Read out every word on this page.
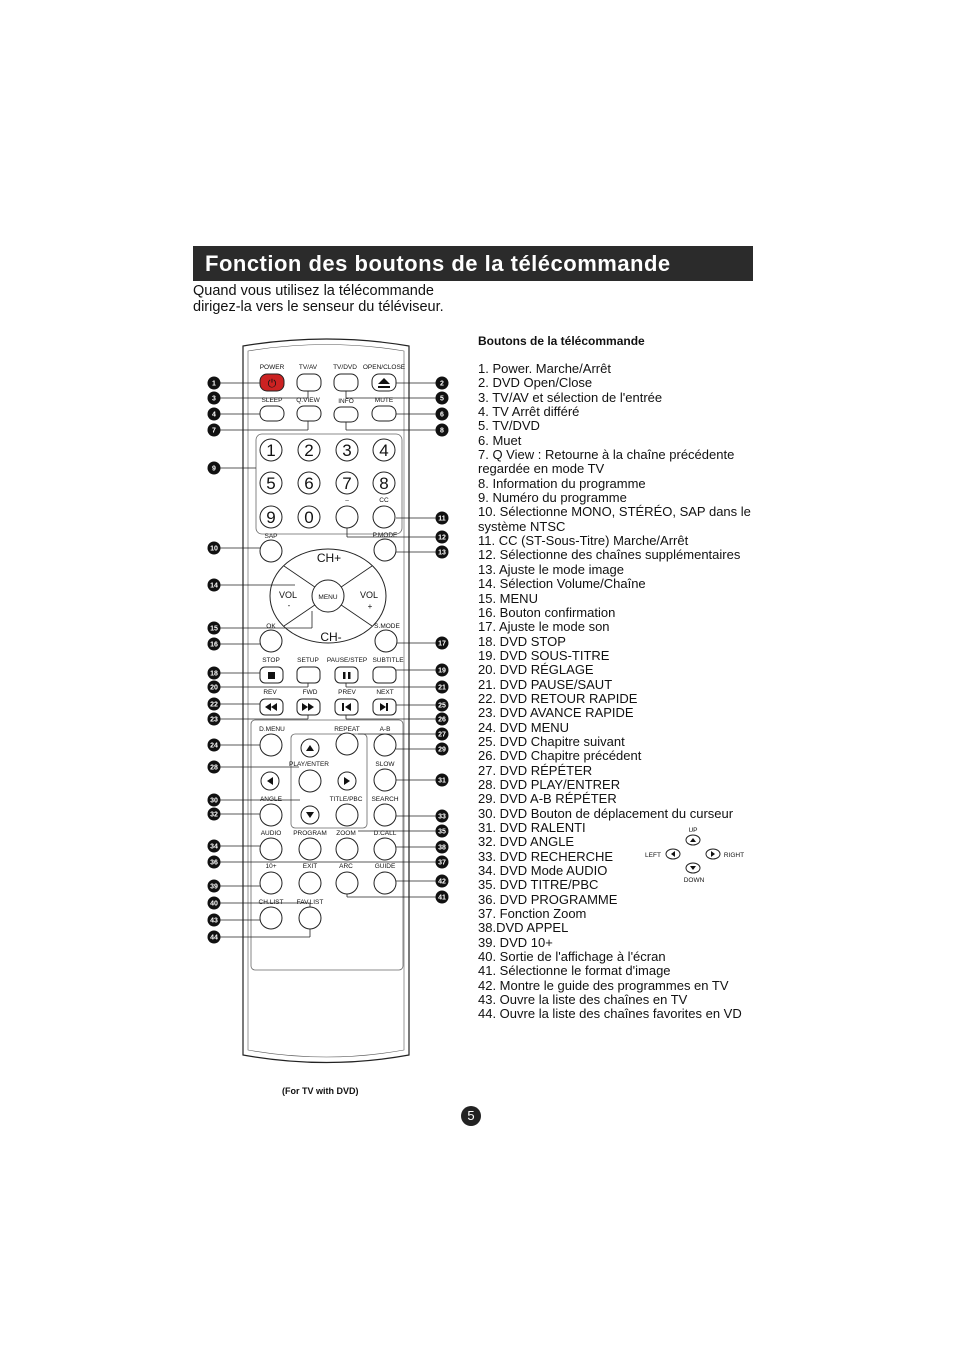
Fonction des boutons de la télécommande
Quand vous utilisez la télécommande
dirigez-la vers le senseur du téléviseur.
POWER
⏻
TV/AV TV/DVD OPEN/CLOSE
SLEEP Q.VIEW	INFO	MUTE
1 2 3 4
5 6 7 8
9 0
–	CC
SAP	P.MODE
MENU
CH+
CH-
VOL
-
VOL
+
OK	S.MODE
STOP	SETUP PAUSE/STEP SUBTITLE
REV	FWD	PREV	NEXT
D.MENU	REPEAT	A-B
PLAY/ENTER	SLOW
ANGLE	TITLE/PBC SEARCH
AUDIO PROGRAM ZOOM	D.CALL
10+	EXIT	ARC	GUIDE
CH.LIST FAV.LIST
1	2
3	5
4	6
7	8
9
11
12
10
13
14
15
17
16
19
18
20	21
22	25
23	26
27
24
29
28
31
30
32	33
35
34	38
36	37
42
39
41
40
43
44
UP
LEFT	RIGHT
DOWN
Boutons de la télécommande
1. Power. Marche/Arrêt
2. DVD Open/Close
3. TV/AV et sélection de l'entrée
4. TV Arrêt différé
5. TV/DVD
6. Muet
7. Q View : Retourne à la chaîne précédente regardée en mode TV
8. Information du programme
9. Numéro du programme
10. Sélectionne MONO, STÉRÉO, SAP dans le système NTSC
11. CC (ST-Sous-Titre) Marche/Arrêt
12. Sélectionne des chaînes supplémentaires
13. Ajuste le mode image
14. Sélection Volume/Chaîne
15. MENU
16. Bouton confirmation
17. Ajuste le mode son
18. DVD STOP
19. DVD SOUS-TITRE
20. DVD RÉGLAGE
21. DVD PAUSE/SAUT
22. DVD RETOUR RAPIDE
23. DVD AVANCE RAPIDE
24. DVD MENU
25. DVD Chapitre suivant
26. DVD Chapitre précédent
27. DVD RÉPÉTER
28. DVD PLAY/ENTRER
29. DVD A-B RÉPÉTER
30. DVD Bouton de déplacement du curseur
31. DVD RALENTI
32. DVD ANGLE
33. DVD RECHERCHE
34. DVD Mode AUDIO
35. DVD TITRE/PBC
36. DVD PROGRAMME
37. Fonction Zoom
38.DVD APPEL
39. DVD 10+
40. Sortie de l'affichage à l'écran
41. Sélectionne le format d'image
42. Montre le guide des programmes en TV
43. Ouvre la liste des chaînes en TV
44. Ouvre la liste des chaînes favorites en VD
(For TV with DVD)
5
